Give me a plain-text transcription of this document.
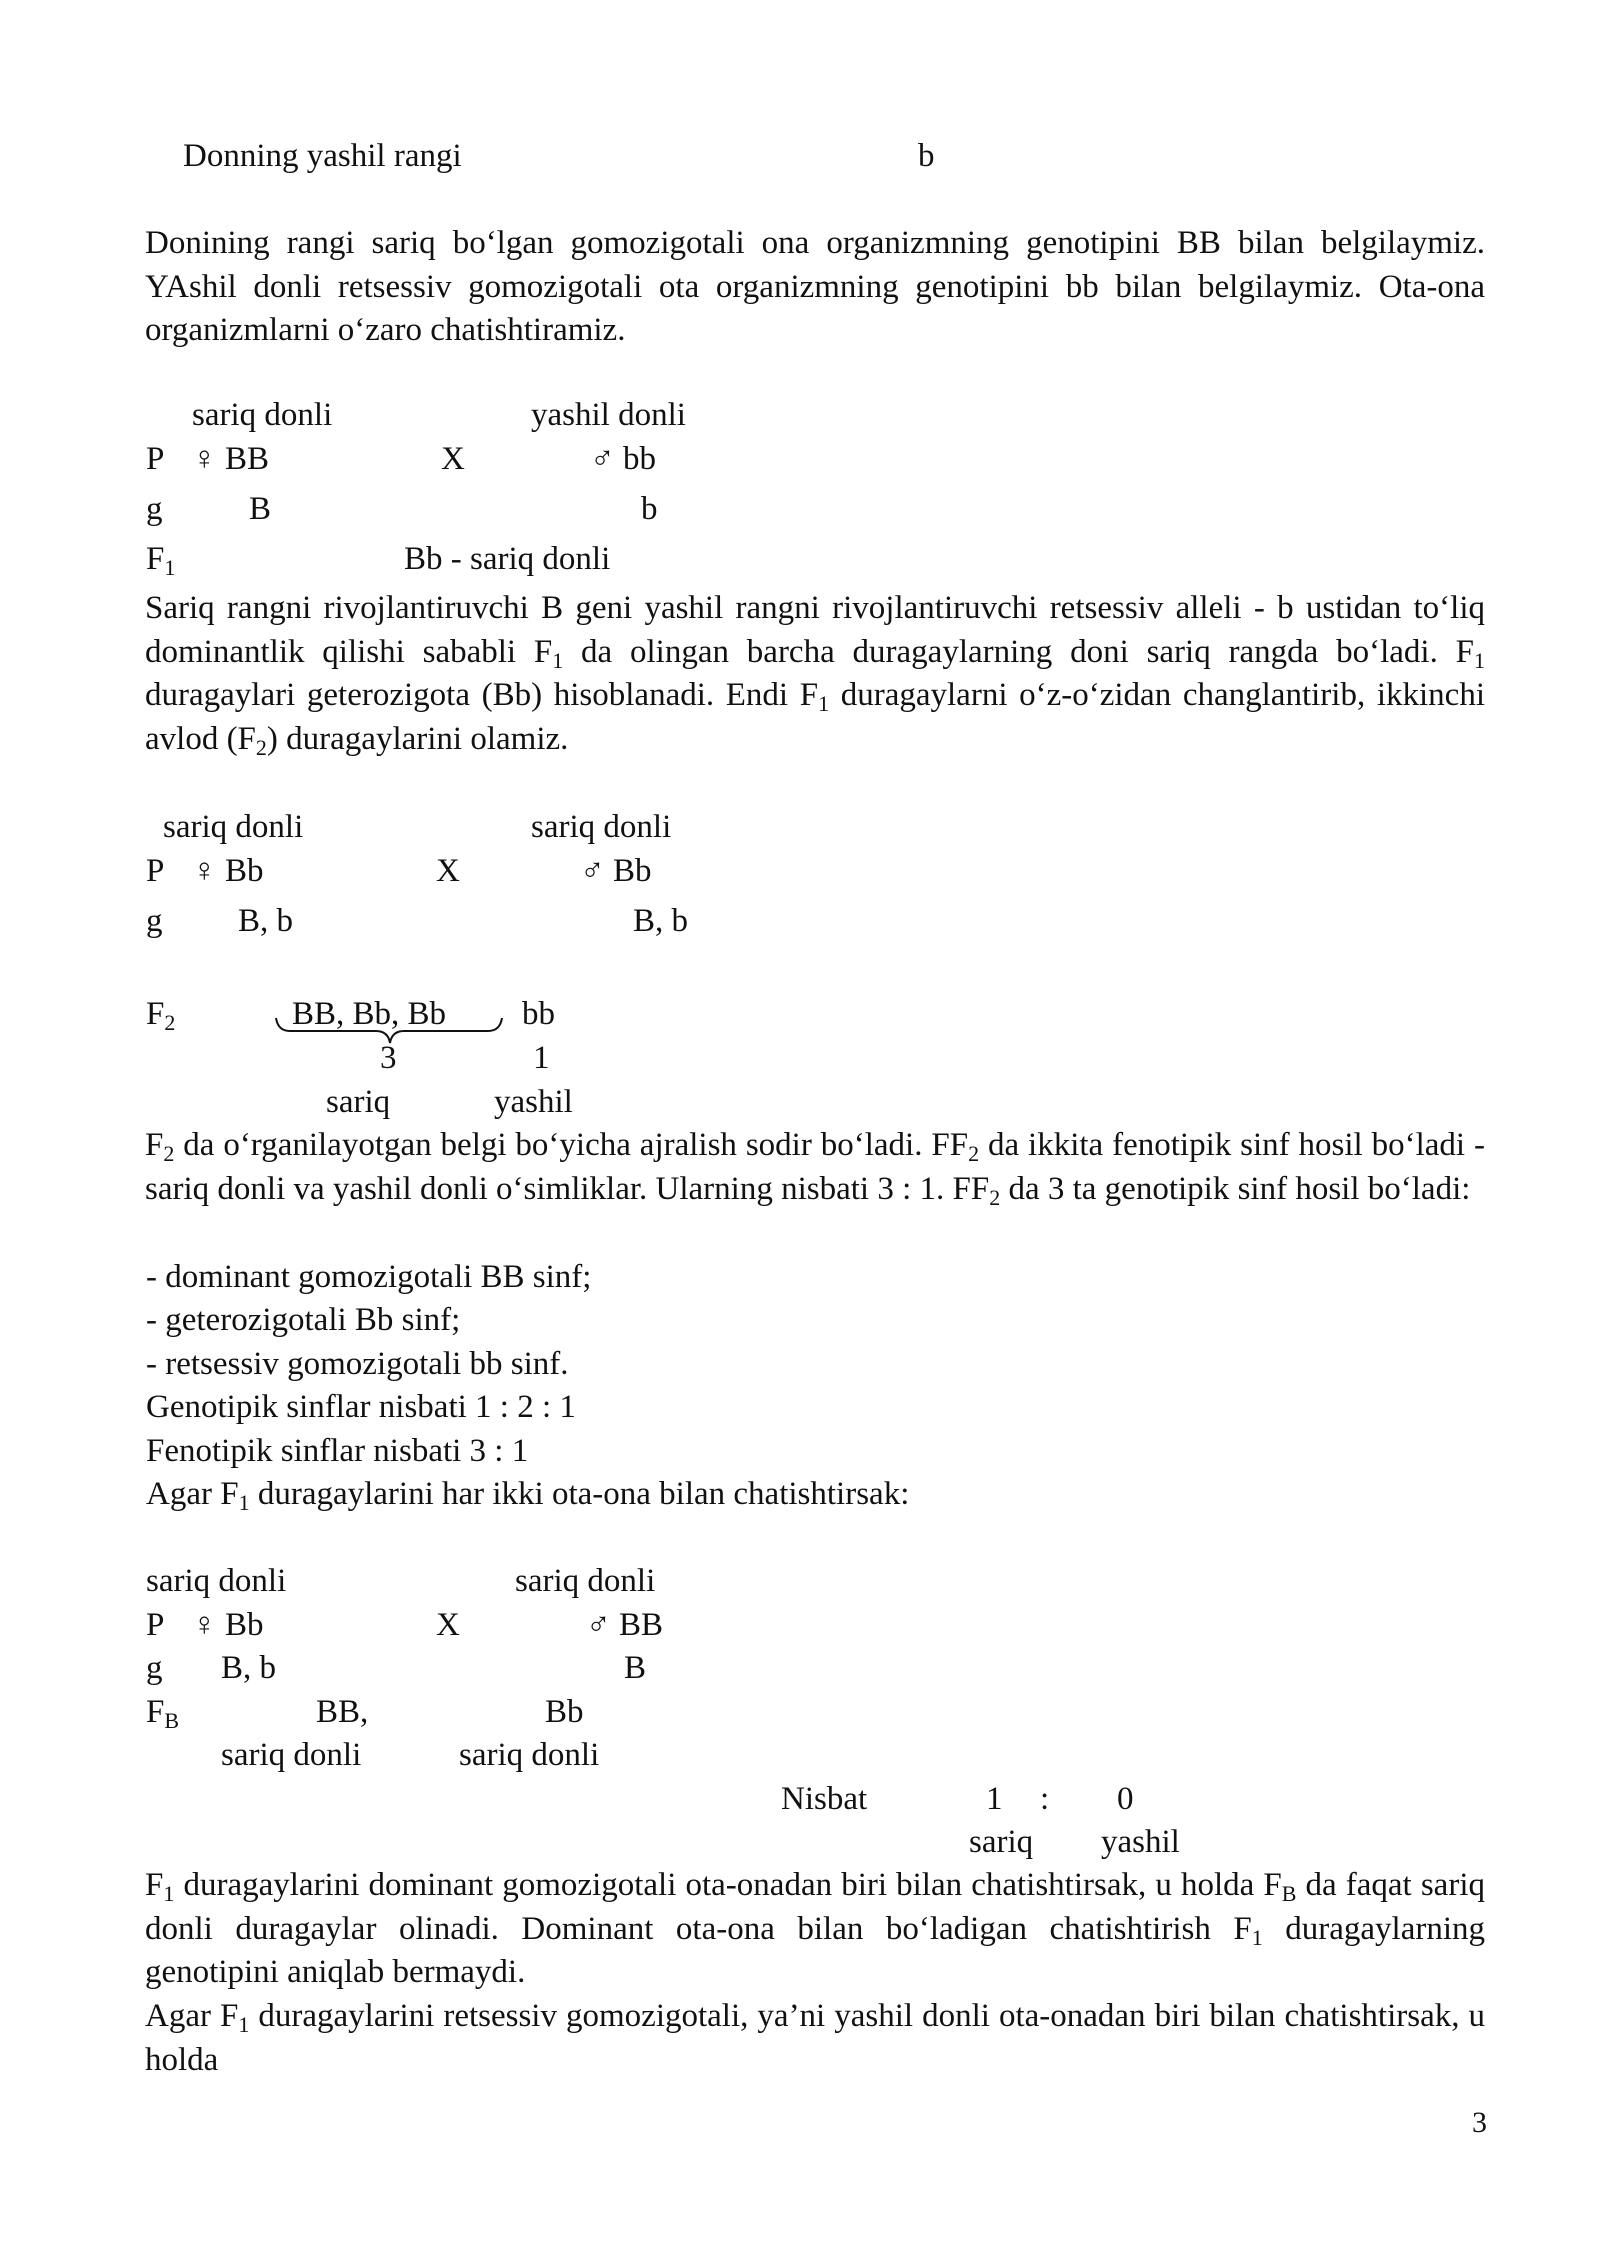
Donning yashil rangi	b
Donining rangi sariq bo‘lgan gomozigotali ona organizmning genotipini BB bilan belgilaymiz. YAshil donli retsessiv gomozigotali ota organizmning genotipini bb bilan belgilaymiz. Ota-ona organizmlarni o‘zaro chatishtiramiz.
sariq donli	yashil donli
P ♀ BB	X	♂ bb
g	B	b
$F_1$	Bb - sariq donli
Sariq rangni rivojlantiruvchi B geni yashil rangni rivojlantiruvchi retsessiv alleli - b ustidan to‘liq dominantlik qilishi sababli $F_1$ da olingan barcha duragaylarning doni sariq rangda bo‘ladi. $F_1$ duragaylari geterozigota (Bb) hisoblanadi. Endi $F_1$ duragaylarni o‘z-o‘zidan changlantirib, ikkinchi avlod $(F_2)$ duragaylarini olamiz.
sariq donli	sariq donli
P ♀ Bb	X	♂ Bb
g B, b	B, b
$F_2$	BB, Bb, Bb bb
3	1
sariq	yashil
$F_2$ da o‘rganilayotgan belgi bo‘yicha ajralish sodir bo‘ladi. $FF_2$ da ikkita fenotipik sinf hosil bo‘ladi - sariq donli va yashil donli o‘simliklar. Ularning nisbati 3 : 1. $FF_2$ da 3 ta genotipik sinf hosil bo‘ladi:
- dominant gomozigotali BB sinf;
- geterozigotali Bb sinf;
- retsessiv gomozigotali bb sinf.
Genotipik sinflar nisbati 1 : 2 : 1
Fenotipik sinflar nisbati 3 : 1
Agar $F_1$ duragaylarini har ikki ota-ona bilan chatishtirsak:
sariq donli	sariq donli
P ♀ Bb	X	♂ BB
g B, b	B
$F_B$	BB,	Bb
sariq donli	sariq donli
Nisbat	1 : 0
sariq yashil
$F_1$ duragaylarini dominant gomozigotali ota-onadan biri bilan chatishtirsak, u holda $F_B$ da faqat sariq donli duragaylar olinadi. Dominant ota-ona bilan bo‘ladigan chatishtirish $F_1$ duragaylarning genotipini aniqlab bermaydi.
Agar $F_1$ duragaylarini retsessiv gomozigotali, ya’ni yashil donli ota-onadan biri bilan chatishtirsak, u holda
3
